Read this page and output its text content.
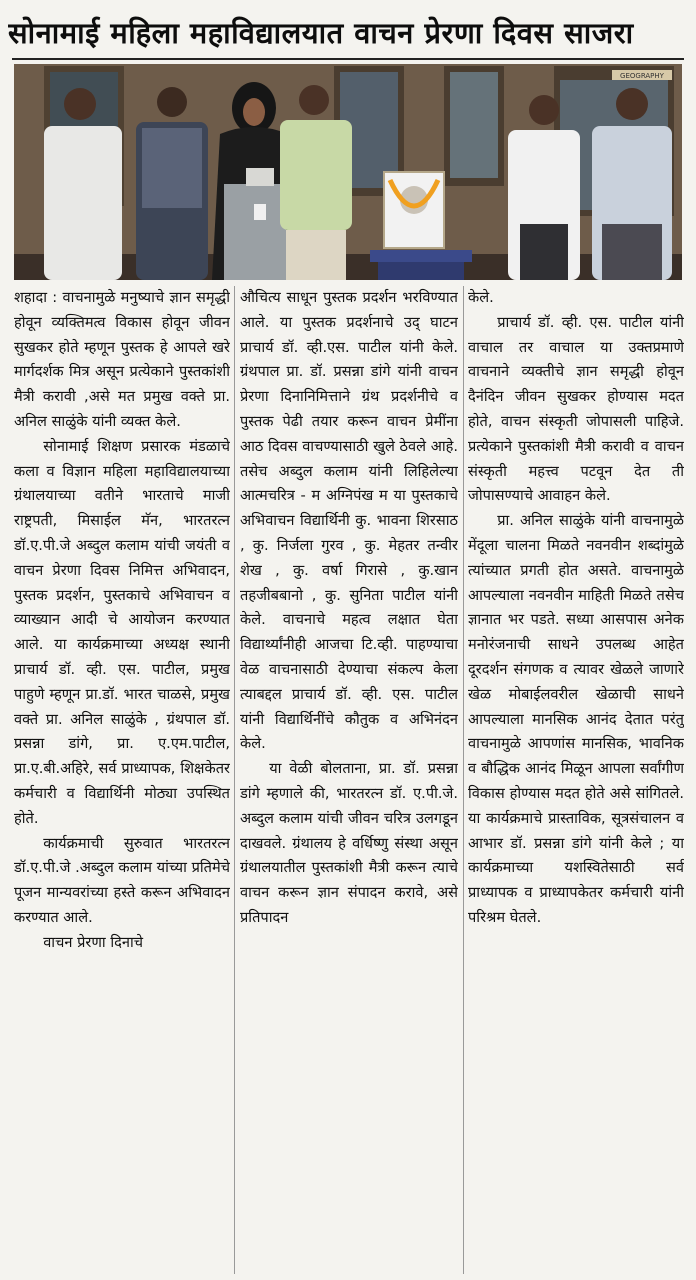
सोनामाई महिला महाविद्यालयात वाचन प्रेरणा दिवस साजरा
GEOGRAPHY

शहादा : वाचनामुळे मनुष्याचे ज्ञान समृद्धी होवून व्यक्तिमत्व विकास होवून जीवन सुखकर होते म्हणून पुस्तक हे आपले खरे मार्गदर्शक मित्र असून प्रत्येकाने पुस्तकांशी मैत्री करावी ,असे मत प्रमुख वक्ते प्रा. अनिल साळुंके यांनी व्यक्त केले.

सोनामाई शिक्षण प्रसारक मंडळाचे कला व विज्ञान महिला महाविद्यालयाच्या ग्रंथालयाच्या वतीने भारताचे माजी राष्ट्रपती, मिसाईल मॅन, भारतरत्न डॉ.ए.पी.जे अब्दुल कलाम यांची जयंती व वाचन प्रेरणा दिवस निमित्त अभिवादन, पुस्तक प्रदर्शन, पुस्तकाचे अभिवाचन व व्याख्यान आदी चे आयोजन करण्यात आले. या कार्यक्रमाच्या अध्यक्ष स्थानी प्राचार्य डॉ. व्ही. एस. पाटील, प्रमुख पाहुणे म्हणून प्रा.डॉ. भारत चाळसे, प्रमुख वक्ते प्रा. अनिल साळुंके , ग्रंथपाल डॉ. प्रसन्ना डांगे, प्रा. ए.एम.पाटील, प्रा.ए.बी.अहिरे, सर्व प्राध्यापक, शिक्षकेतर कर्मचारी व विद्यार्थिनी मोठ्या उपस्थित होते.

कार्यक्रमाची सुरुवात भारतरत्न डॉ.ए.पी.जे .अब्दुल कलाम यांच्या प्रतिमेचे पूजन मान्यवरांच्या हस्ते करून अभिवादन करण्यात आले.

वाचन प्रेरणा दिनाचे

औचित्य साधून पुस्तक प्रदर्शन भरविण्यात आले. या पुस्तक प्रदर्शनाचे उद् घाटन प्राचार्य डॉ. व्ही.एस. पाटील यांनी केले. ग्रंथपाल प्रा. डॉ. प्रसन्ना डांगे यांनी वाचन प्रेरणा दिनानिमित्ताने ग्रंथ प्रदर्शनीचे व पुस्तक पेढी तयार करून वाचन प्रेमींना आठ दिवस वाचण्यासाठी खुले ठेवले आहे. तसेच अब्दुल कलाम यांनी लिहिलेल्या आत्मचरित्र - म अग्निपंख म या पुस्तकाचे अभिवाचन विद्यार्थिनी कु. भावना शिरसाठ , कु. निर्जला गुरव , कु. मेहतर तन्वीर शेख , कु. वर्षा गिरासे , कु.खान तहजीबबानो , कु. सुनिता पाटील यांनी केले. वाचनाचे महत्व लक्षात घेता विद्यार्थ्यांनीही आजचा टि.व्ही. पाहण्याचा वेळ वाचनासाठी देण्याचा संकल्प केला त्याबद्दल प्राचार्य डॉ. व्ही. एस. पाटील यांनी विद्यार्थिनींचे कौतुक व अभिनंदन केले.

या वेळी बोलताना, प्रा. डॉ. प्रसन्ना डांगे म्हणाले की, भारतरत्न डॉ. ए.पी.जे. अब्दुल कलाम यांची जीवन चरित्र उलगडून दाखवले. ग्रंथालय हे वर्धिष्णु संस्था असून ग्रंथालयातील पुस्तकांशी मैत्री करून त्याचे वाचन करून ज्ञान संपादन करावे, असे प्रतिपादन

केले.

प्राचार्य डॉ. व्ही. एस. पाटील यांनी वाचाल तर वाचाल या उक्तप्रमाणे वाचनाने व्यक्तीचे ज्ञान समृद्धी होवून दैनंदिन जीवन सुखकर होण्यास मदत होते, वाचन संस्कृती जोपासली पाहिजे. प्रत्येकाने पुस्तकांशी मैत्री करावी व वाचन संस्कृती महत्त्व पटवून देत ती जोपासण्याचे आवाहन केले.

प्रा. अनिल साळुंके यांनी वाचनामुळे मेंदूला चालना मिळते नवनवीन शब्दांमुळे त्यांच्यात प्रगती होत असते. वाचनामुळे आपल्याला नवनवीन माहिती मिळते तसेच ज्ञानात भर पडते. सध्या आसपास अनेक मनोरंजनाची साधने उपलब्ध आहेत दूरदर्शन संगणक व त्यावर खेळले जाणारे खेळ मोबाईलवरील खेळाची साधने आपल्याला मानसिक आनंद देतात परंतु वाचनामुळे आपणांस मानसिक, भावनिक व बौद्धिक आनंद मिळून आपला सर्वांगीण विकास होण्यास मदत होते असे सांगितले. या कार्यक्रमाचे प्रास्ताविक, सूत्रसंचालन व आभार डॉ. प्रसन्ना डांगे यांनी केले ; या कार्यक्रमाच्या यशस्वितेसाठी सर्व प्राध्यापक व प्राध्यापकेतर कर्मचारी यांनी परिश्रम घेतले.
